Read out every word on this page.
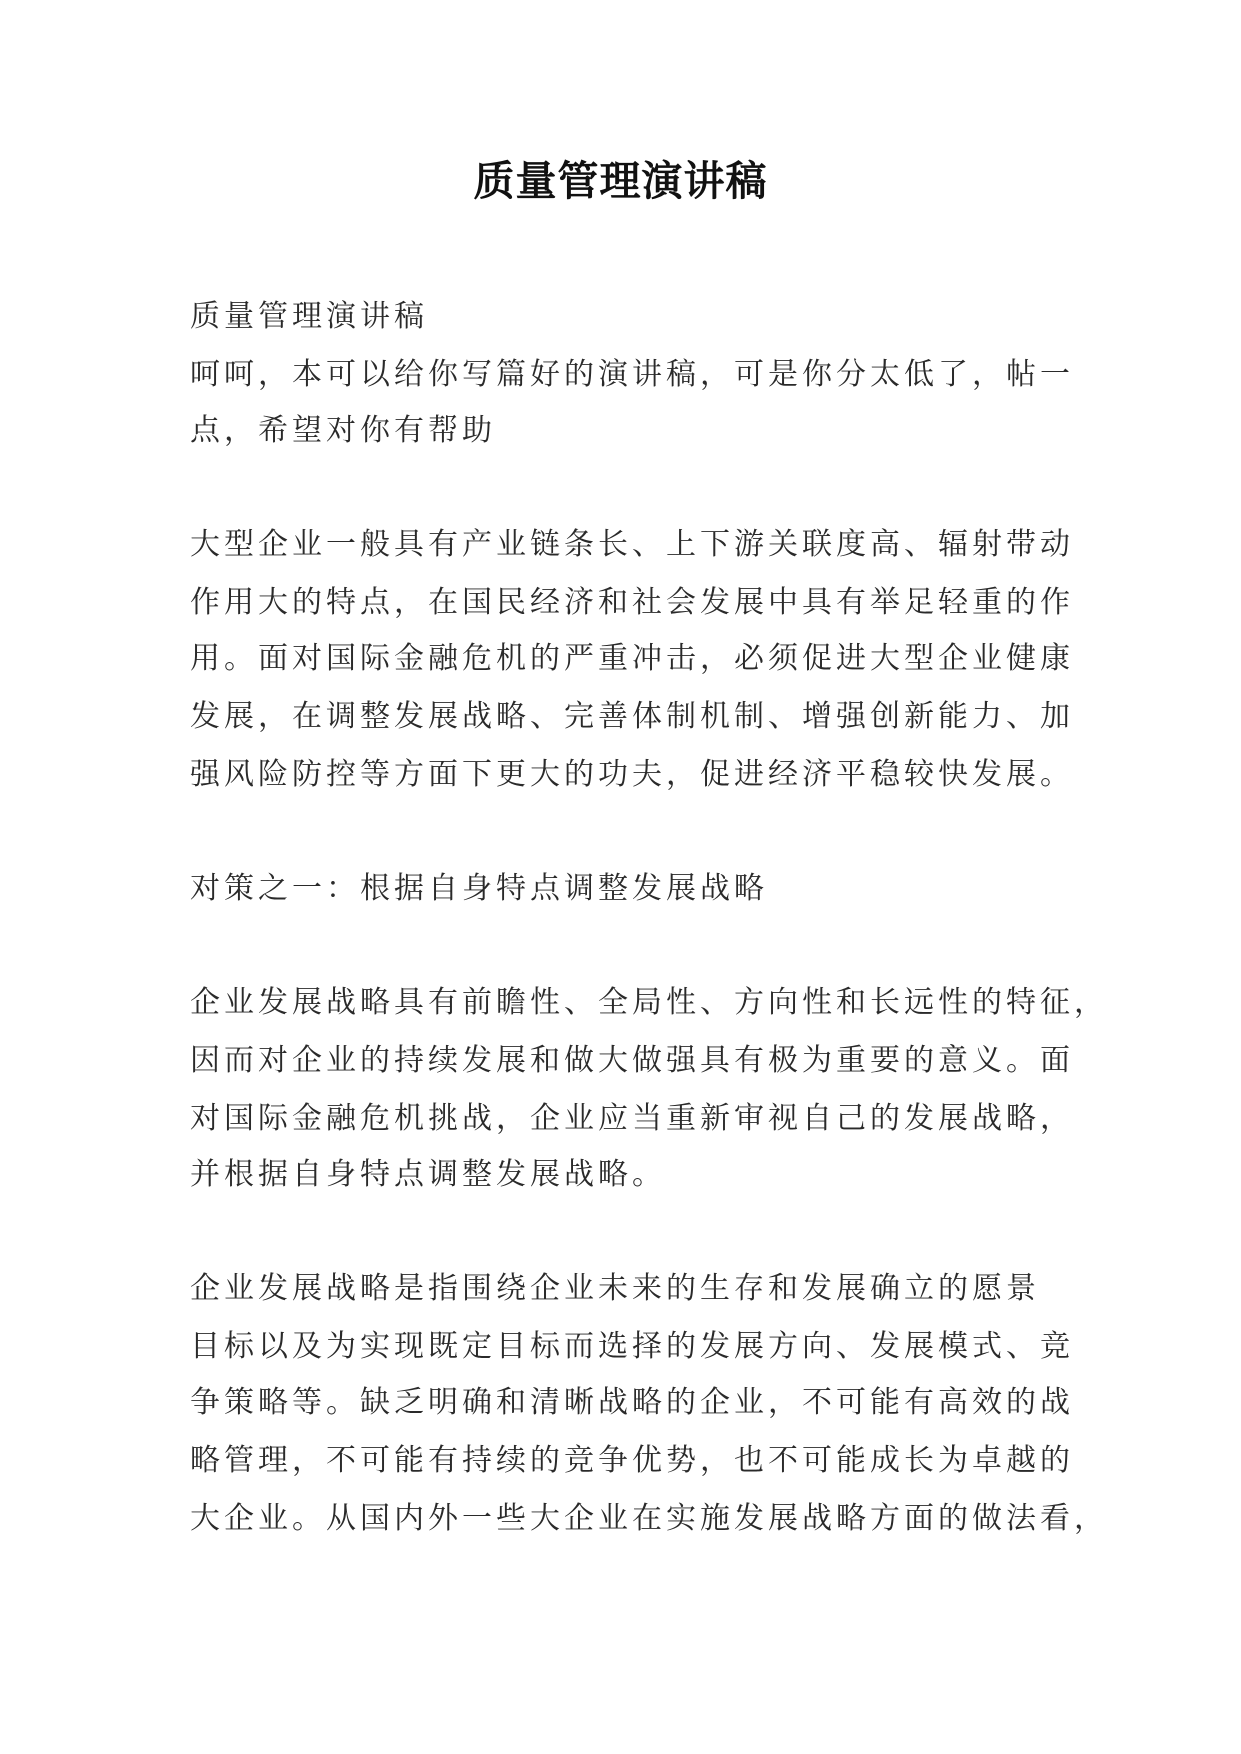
质量管理演讲稿
质量管理演讲稿
呵呵，本可以给你写篇好的演讲稿，可是你分太低了，帖一
点，希望对你有帮助
大型企业一般具有产业链条长、上下游关联度高、辐射带动
作用大的特点，在国民经济和社会发展中具有举足轻重的作
用。面对国际金融危机的严重冲击，必须促进大型企业健康
发展，在调整发展战略、完善体制机制、增强创新能力、加
强风险防控等方面下更大的功夫，促进经济平稳较快发展。
对策之一：根据自身特点调整发展战略
企业发展战略具有前瞻性、全局性、方向性和长远性的特征，
因而对企业的持续发展和做大做强具有极为重要的意义。面
对国际金融危机挑战，企业应当重新审视自己的发展战略，
并根据自身特点调整发展战略。
企业发展战略是指围绕企业未来的生存和发展确立的愿景
目标以及为实现既定目标而选择的发展方向、发展模式、竞
争策略等。缺乏明确和清晰战略的企业，不可能有高效的战
略管理，不可能有持续的竞争优势，也不可能成长为卓越的
大企业。从国内外一些大企业在实施发展战略方面的做法看，
